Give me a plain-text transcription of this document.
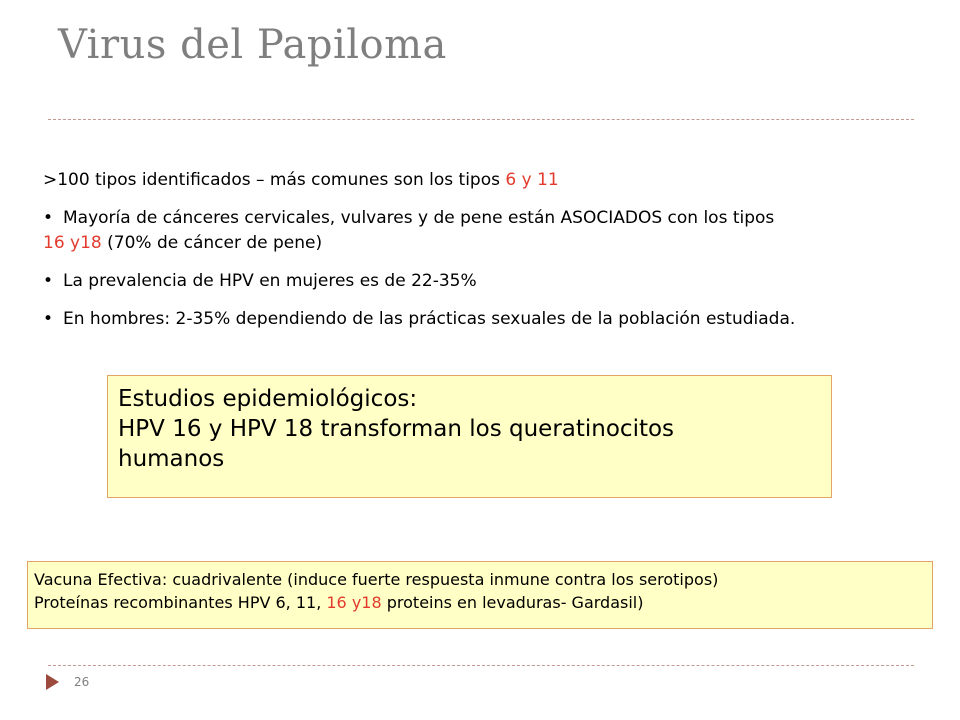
Virus del Papiloma

>100 tipos identificados – más comunes son los tipos 6 y 11

• Mayoría de cánceres cervicales, vulvares y de pene están ASOCIADOS con los tipos
16 y18 (70% de cáncer de pene)

• La prevalencia de HPV en mujeres es de 22-35%

• En hombres: 2-35% dependiendo de las prácticas sexuales de la población estudiada.

Estudios epidemiológicos:
HPV 16 y HPV 18 transforman los queratinocitos
humanos
Vacuna Efectiva: cuadrivalente (induce fuerte respuesta inmune contra los serotipos)
Proteínas recombinantes HPV 6, 11, 16 y18 proteins en levaduras- Gardasil)
26
